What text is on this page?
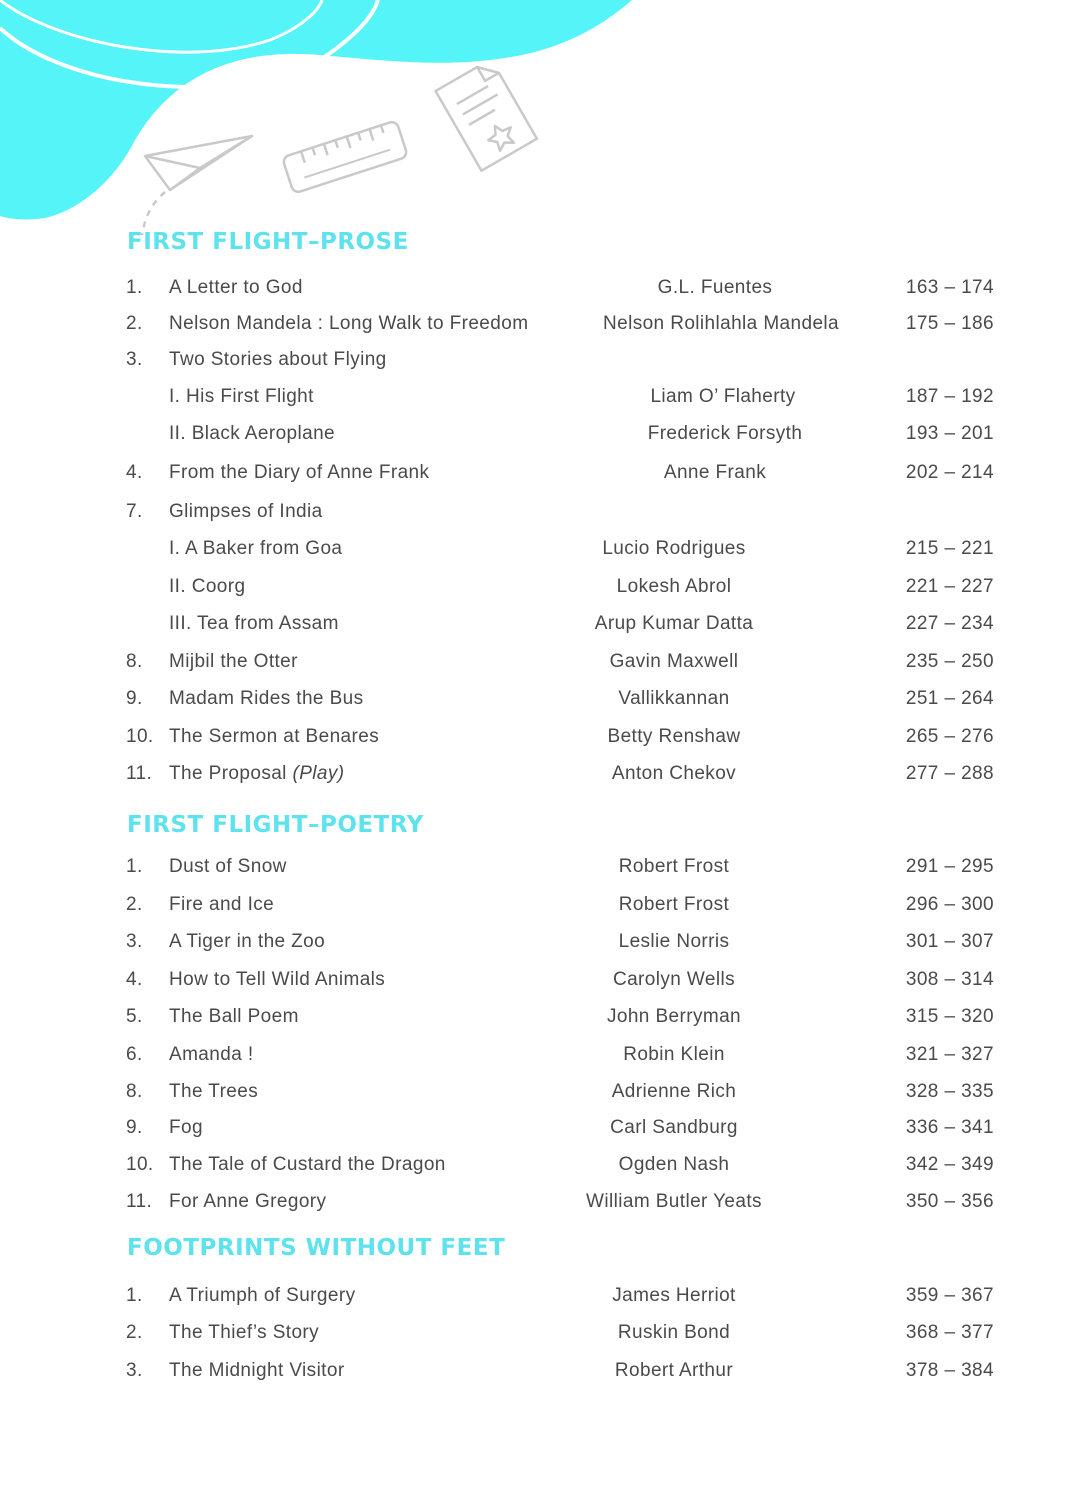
FIRST FLIGHT–PROSE
1. A Letter to God	G.L. Fuentes	163 – 174
2. Nelson Mandela : Long Walk to Freedom	Nelson Rolihlahla Mandela	175 – 186
3. Two Stories about Flying
I. His First Flight	Liam O’ Flaherty	187 – 192
II. Black Aeroplane	Frederick Forsyth	193 – 201
4. From the Diary of Anne Frank	Anne Frank	202 – 214
7. Glimpses of India
I. A Baker from Goa	Lucio Rodrigues	215 – 221
II. Coorg	Lokesh Abrol	221 – 227
III. Tea from Assam	Arup Kumar Datta	227 – 234
8. Mijbil the Otter	Gavin Maxwell	235 – 250
9. Madam Rides the Bus	Vallikkannan	251 – 264
10. The Sermon at Benares	Betty Renshaw	265 – 276
11. The Proposal (Play)	Anton Chekov	277 – 288
FIRST FLIGHT–POETRY
1. Dust of Snow	Robert Frost	291 – 295
2. Fire and Ice	Robert Frost	296 – 300
3. A Tiger in the Zoo	Leslie Norris	301 – 307
4. How to Tell Wild Animals	Carolyn Wells	308 – 314
5. The Ball Poem	John Berryman	315 – 320
6. Amanda !	Robin Klein	321 – 327
8. The Trees	Adrienne Rich	328 – 335
9. Fog	Carl Sandburg	336 – 341
10. The Tale of Custard the Dragon	Ogden Nash	342 – 349
11. For Anne Gregory	William Butler Yeats	350 – 356
FOOTPRINTS WITHOUT FEET
1. A Triumph of Surgery	James Herriot	359 – 367
2. The Thief’s Story	Ruskin Bond	368 – 377
3. The Midnight Visitor	Robert Arthur	378 – 384
